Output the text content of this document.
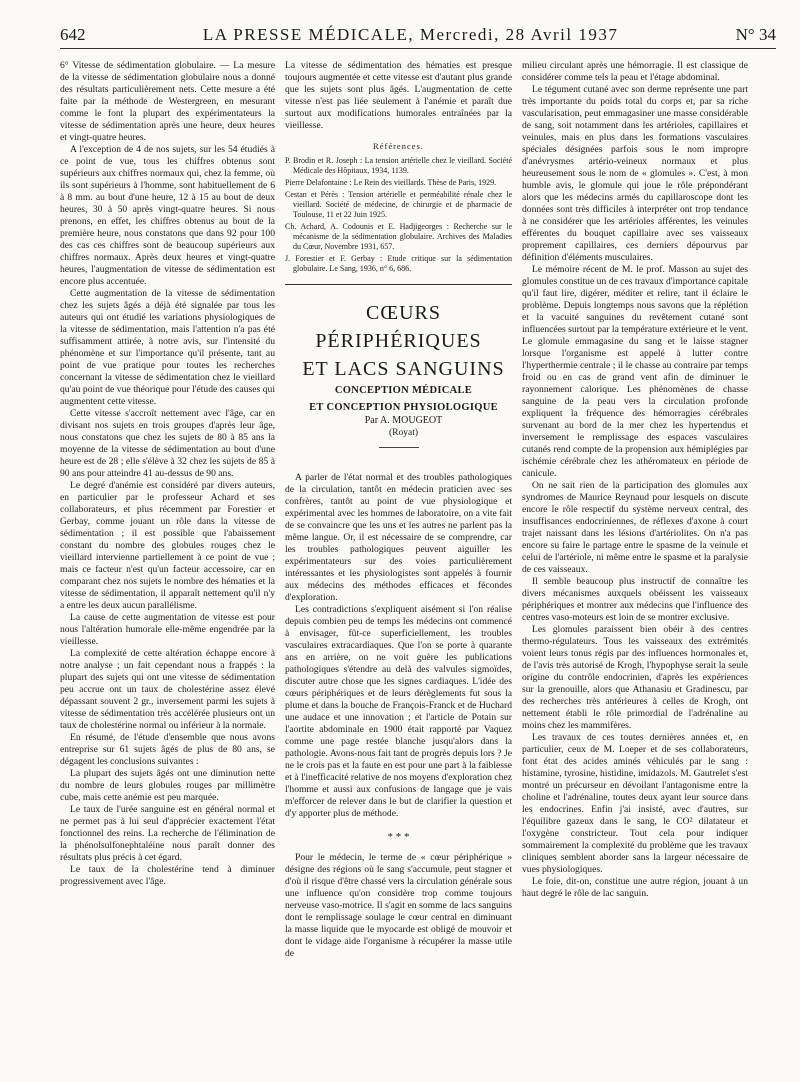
642	LA PRESSE MÉDICALE, Mercredi, 28 Avril 1937	N° 34

6° Vitesse de sédimentation globulaire. — La mesure de la vitesse de sédimentation globulaire nous a donné des résultats particulièrement nets. Cette mesure a été faite par la méthode de Westergreen, en mesurant comme le font la plupart des expérimentateurs la vitesse de sédimentation après une heure, deux heures et vingt-quatre heures.

A l'exception de 4 de nos sujets, sur les 54 étudiés à ce point de vue, tous les chiffres obtenus sont supérieurs aux chiffres normaux qui, chez la femme, où ils sont supérieurs à l'homme, sont habituellement de 6 à 8 mm. au bout d'une heure, 12 à 15 au bout de deux heures, 30 à 50 après vingt-quatre heures. Si nous prenons, en effet, les chiffres obtenus au bout de la première heure, nous constatons que dans 92 pour 100 des cas ces chiffres sont de beaucoup supérieurs aux chiffres normaux. Après deux heures et vingt-quatre heures, l'augmentation de vitesse de sédimentation est encore plus accentuée.

Cette augmentation de la vitesse de sédimentation chez les sujets âgés a déjà été signalée par tous les auteurs qui ont étudié les variations physiologiques de la vitesse de sédimentation, mais l'attention n'a pas été suffisamment attirée, à notre avis, sur l'intensité du phénomène et sur l'importance qu'il présente, tant au point de vue pratique pour toutes les recherches concernant la vitesse de sédimentation chez le vieillard qu'au point de vue théorique pour l'étude des causes qui augmentent cette vitesse.

Cette vitesse s'accroît nettement avec l'âge, car en divisant nos sujets en trois groupes d'après leur âge, nous constatons que chez les sujets de 80 à 85 ans la moyenne de la vitesse de sédimentation au bout d'une heure est de 28 ; elle s'élève à 32 chez les sujets de 85 à 90 ans pour atteindre 41 au-dessus de 90 ans.

Le degré d'anémie est considéré par divers auteurs, en particulier par le professeur Achard et ses collaborateurs, et plus récemment par Forestier et Gerbay, comme jouant un rôle dans la vitesse de sédimentation ; il est possible que l'abaissement constant du nombre des globules rouges chez le vieillard intervienne partiellement à ce point de vue ; mais ce facteur n'est qu'un facteur accessoire, car en comparant chez nos sujets le nombre des hématies et la vitesse de sédimentation, il apparaît nettement qu'il n'y a entre les deux aucun parallélisme.

La cause de cette augmentation de vitesse est pour nous l'altération humorale elle-même engendrée par la vieillesse.

La complexité de cette altération échappe encore à notre analyse ; un fait cependant nous a frappés : la plupart des sujets qui ont une vitesse de sédimentation peu accrue ont un taux de cholestérine assez élevé dépassant souvent 2 gr., inversement parmi les sujets à vitesse de sédimentation très accélérée plusieurs ont un taux de cholestérine normal ou inférieur à la normale.

En résumé, de l'étude d'ensemble que nous avons entreprise sur 61 sujets âgés de plus de 80 ans, se dégagent les conclusions suivantes :

La plupart des sujets âgés ont une diminution nette du nombre de leurs globules rouges par millimètre cube, mais cette anémie est peu marquée.

Le taux de l'urée sanguine est en général normal et ne permet pas à lui seul d'apprécier exactement l'état fonctionnel des reins. La recherche de l'élimination de la phénolsulfonephtaléine nous paraît donner des résultats plus précis à cet égard.

Le taux de la cholestérine tend à diminuer progressivement avec l'âge.

La vitesse de sédimentation des hématies est presque toujours augmentée et cette vitesse est d'autant plus grande que les sujets sont plus âgés. L'augmentation de cette vitesse n'est pas liée seulement à l'anémie et paraît due surtout aux modifications humorales entraînées par la vieillesse.

Références.
P. Brodin et R. Joseph : La tension artérielle chez le vieillard. Société Médicale des Hôpitaux, 1934, 1139.
Pierre Delafontaine : Le Rein des vieillards. Thèse de Paris, 1929.
Cestan et Pérès : Tension artérielle et perméabilité rénale chez le vieillard. Société de médecine, de chirurgie et de pharmacie de Toulouse, 11 et 22 Juin 1925.
Ch. Achard, A. Codounis et E. Hadjigeorges : Recherche sur le mécanisme de la sédimentation globulaire. Archives des Maladies du Cœur, Novembre 1931, 657.
J. Forestier et F. Gerbay : Etude critique sur la sédimentation globulaire. Le Sang, 1936, n° 6, 686.

CŒURS PÉRIPHÉRIQUES

ET LACS SANGUINS

CONCEPTION MÉDICALE

ET CONCEPTION PHYSIOLOGIQUE

Par A. MOUGEOT

(Royat)

A parler de l'état normal et des troubles pathologiques de la circulation, tantôt en médecin praticien avec ses confrères, tantôt au point de vue physiologique et expérimental avec les hommes de laboratoire, on a vite fait de se convaincre que les uns et les autres ne parlent pas la même langue. Or, il est nécessaire de se comprendre, car les troubles pathologiques peuvent aiguiller les expérimentateurs sur des voies particulièrement intéressantes et les physiologistes sont appelés à fournir aux médecins des méthodes efficaces et fécondes d'exploration.

Les contradictions s'expliquent aisément si l'on réalise depuis combien peu de temps les médecins ont commencé à envisager, fût-ce superficiellement, les troubles vasculaires extracardiaques. Que l'on se porte à quarante ans en arrière, on ne voit guère les publications pathologiques s'étendre au delà des valvules sigmoïdes, discuter autre chose que les signes cardiaques. L'idée des cœurs périphériques et de leurs dérèglements fut sous la plume et dans la bouche de François-Franck et de Huchard une audace et une innovation ; et l'article de Potain sur l'aortite abdominale en 1900 était rapporté par Vaquez comme une page restée blanche jusqu'alors dans la pathologie. Avons-nous fait tant de progrès depuis lors ? Je ne le crois pas et la faute en est pour une part à la faiblesse et à l'inefficacité relative de nos moyens d'exploration chez l'homme et aussi aux confusions de langage que je vais m'efforcer de relever dans le but de clarifier la question et d'y apporter plus de méthode.

* * *

Pour le médecin, le terme de « cœur périphérique » désigne des régions où le sang s'accumule, peut stagner et d'où il risque d'être chassé vers la circulation générale sous une influence qu'on considère trop comme toujours nerveuse vaso-motrice. Il s'agit en somme de lacs sanguins dont le remplissage soulage le cœur central en diminuant la masse liquide que le myocarde est obligé de mouvoir et dont le vidage aide l'organisme à récupérer la masse utile de

milieu circulant après une hémorragie. Il est classique de considérer comme tels la peau et l'étage abdominal.

Le tégument cutané avec son derme représente une part très importante du poids total du corps et, par sa riche vascularisation, peut emmagasiner une masse considérable de sang, soit notamment dans les artérioles, capillaires et veinules, mais en plus dans les formations vasculaires spéciales désignées parfois sous le nom impropre d'anévrysmes artério-veineux normaux et plus heureusement sous le nom de « glomules ». C'est, à mon humble avis, le glomule qui joue le rôle prépondérant alors que les médecins armés du capillaroscope dont les données sont très difficiles à interpréter ont trop tendance à ne considérer que les artérioles afférentes, les veinules efférentes du bouquet capillaire avec ses vaisseaux proprement capillaires, ces derniers dépourvus par définition d'éléments musculaires.

Le mémoire récent de M. le prof. Masson au sujet des glomules constitue un de ces travaux d'importance capitale qu'il faut lire, digérer, méditer et relire, tant il éclaire le problème. Depuis longtemps nous savons que la réplétion et la vacuité sanguines du revêtement cutané sont influencées surtout par la température extérieure et le vent. Le glomule emmagasine du sang et le laisse stagner lorsque l'organisme est appelé à lutter contre l'hyperthermie centrale ; il le chasse au contraire par temps froid ou en cas de grand vent afin de diminuer le rayonnement calorique. Les phénomènes de chasse sanguine de la peau vers la circulation profonde expliquent la fréquence des hémorragies cérébrales survenant au bord de la mer chez les hypertendus et inversement le remplissage des espaces vasculaires cutanés rend compte de la propension aux hémiplégies par ischémie cérébrale chez les athéromateux en période de canicule.

On ne sait rien de la participation des glomules aux syndromes de Maurice Reynaud pour lesquels on discute encore le rôle respectif du système nerveux central, des insuffisances endocriniennes, de réflexes d'axone à court trajet naissant dans les lésions d'artériolites. On n'a pas encore su faire le partage entre le spasme de la veinule et celui de l'artériole, ni même entre le spasme et la paralysie de ces vaisseaux.

Il semble beaucoup plus instructif de connaître les divers mécanismes auxquels obéissent les vaisseaux périphériques et montrer aux médecins que l'influence des centres vaso-moteurs est loin de se montrer exclusive.

Les glomules paraissent bien obéir à des centres thermo-régulateurs. Tous les vaisseaux des extrémités voient leurs tonus régis par des influences hormonales et, de l'avis très autorisé de Krogh, l'hypophyse serait la seule origine du contrôle endocrinien, d'après les expériences sur la grenouille, alors que Athanasiu et Gradinescu, par des recherches très antérieures à celles de Krogh, ont nettement établi le rôle primordial de l'adrénaline au moins chez les mammifères.

Les travaux de ces toutes dernières années et, en particulier, ceux de M. Loeper et de ses collaborateurs, font état des acides aminés véhiculés par le sang : histamine, tyrosine, histidine, imidazols. M. Gautrelet s'est montré un précurseur en dévoilant l'antagonisme entre la choline et l'adrénaline, toutes deux ayant leur source dans les endocrines. Enfin j'ai insisté, avec d'autres, sur l'équilibre gazeux dans le sang, le CO² dilatateur et l'oxygène constricteur. Tout cela pour indiquer sommairement la complexité du problème que les travaux cliniques semblent aborder sans la largeur nécessaire de vues physiologiques.

Le foie, dit-on, constitue une autre région, jouant à un haut degré le rôle de lac sanguin.
